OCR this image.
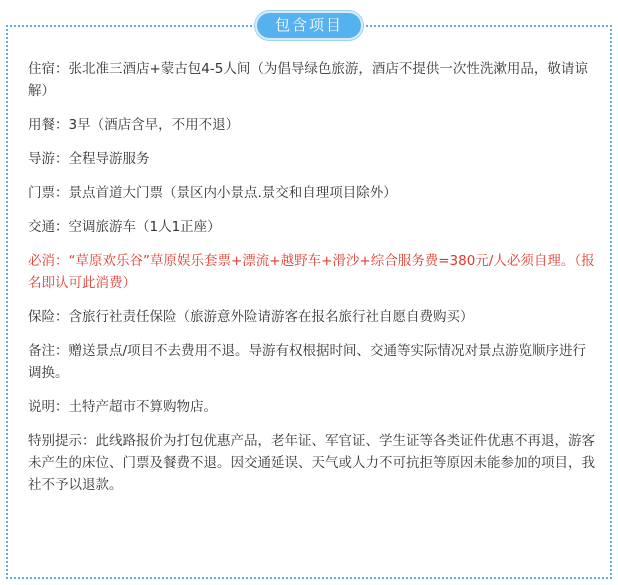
包含项目

住宿：张北准三酒店+蒙古包4-5人间（为倡导绿色旅游，酒店不提供一次性洗漱用品，敬请谅解）

用餐：3早（酒店含早，不用不退）

导游：全程导游服务

门票：景点首道大门票（景区内小景点.景交和自理项目除外）

交通：空调旅游车（1人1正座）

必消：“草原欢乐谷”草原娱乐套票+漂流+越野车+滑沙+综合服务费=380元/人必须自理。（报名即认可此消费）

保险：含旅行社责任保险（旅游意外险请游客在报名旅行社自愿自费购买）

备注：赠送景点/项目不去费用不退。导游有权根据时间、交通等实际情况对景点游览顺序进行调换。

说明：土特产超市不算购物店。

特别提示：此线路报价为打包优惠产品，老年证、军官证、学生证等各类证件优惠不再退，游客未产生的床位、门票及餐费不退。因交通延误、天气或人力不可抗拒等原因未能参加的项目，我社不予以退款。
